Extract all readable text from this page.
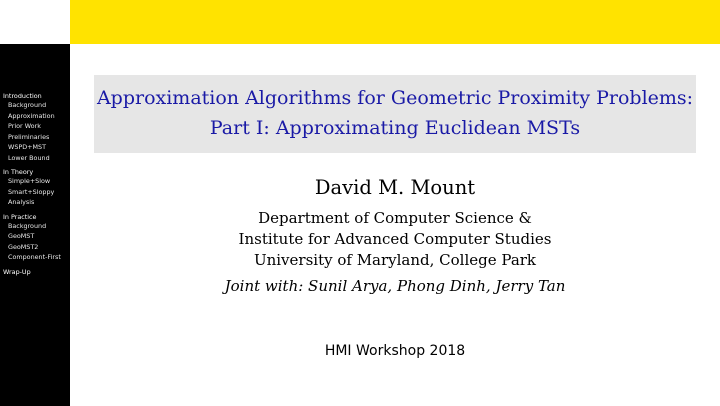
Introduction
Background
Approximation
Prior Work
Preliminaries
WSPD+MST
Lower Bound
In Theory
Simple+Slow
Smart+Sloppy
Analysis
In Practice
Background
GeoMST
GeoMST2
Component-First
Wrap-Up
Approximation Algorithms for Geometric Proximity Problems:
Part I: Approximating Euclidean MSTs
David M. Mount
Department of Computer Science &
Institute for Advanced Computer Studies
University of Maryland, College Park
Joint with: Sunil Arya, Phong Dinh, Jerry Tan
HMI Workshop 2018
